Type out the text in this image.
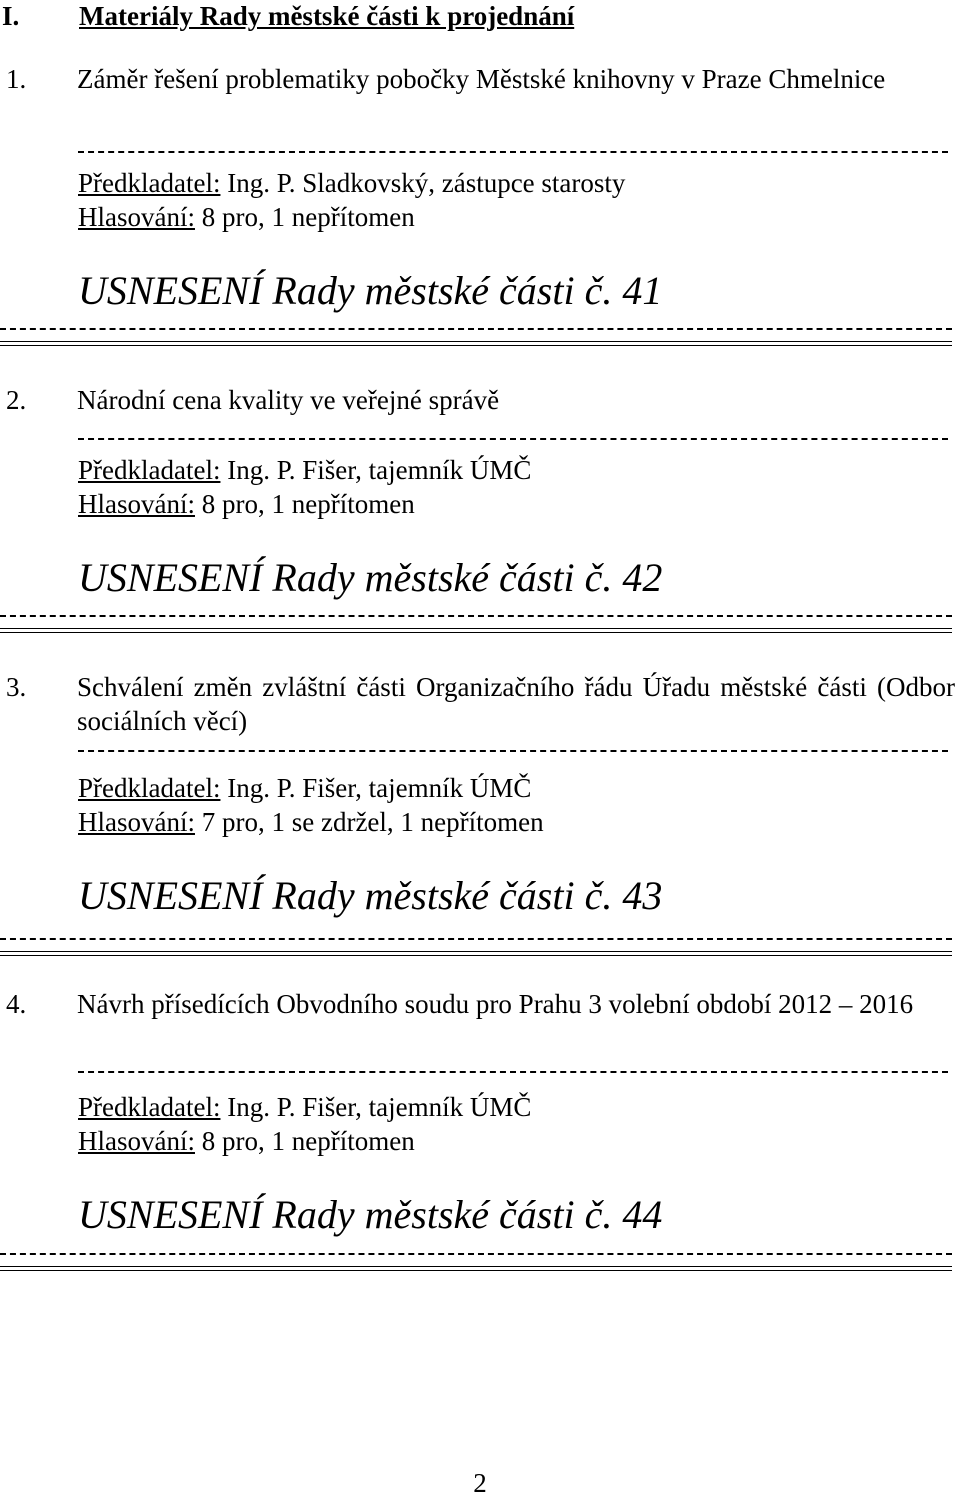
I. Materiály Rady městské části k projednání
1. Záměr řešení problematiky pobočky Městské knihovny v Praze Chmelnice
Předkladatel: Ing. P. Sladkovský, zástupce starosty
Hlasování: 8 pro, 1 nepřítomen
USNESENÍ Rady městské části č. 41
2. Národní cena kvality ve veřejné správě
Předkladatel: Ing. P. Fišer, tajemník ÚMČ
Hlasování: 8 pro, 1 nepřítomen
USNESENÍ Rady městské části č. 42
3. Schválení změn zvláštní části Organizačního řádu Úřadu městské části (Odbor sociálních věcí)
Předkladatel: Ing. P. Fišer, tajemník ÚMČ
Hlasování: 7 pro, 1 se zdržel, 1 nepřítomen
USNESENÍ Rady městské části č. 43
4. Návrh přísedících Obvodního soudu pro Prahu 3 volební období 2012 – 2016
Předkladatel: Ing. P. Fišer, tajemník ÚMČ
Hlasování: 8 pro, 1 nepřítomen
USNESENÍ Rady městské části č. 44
2
